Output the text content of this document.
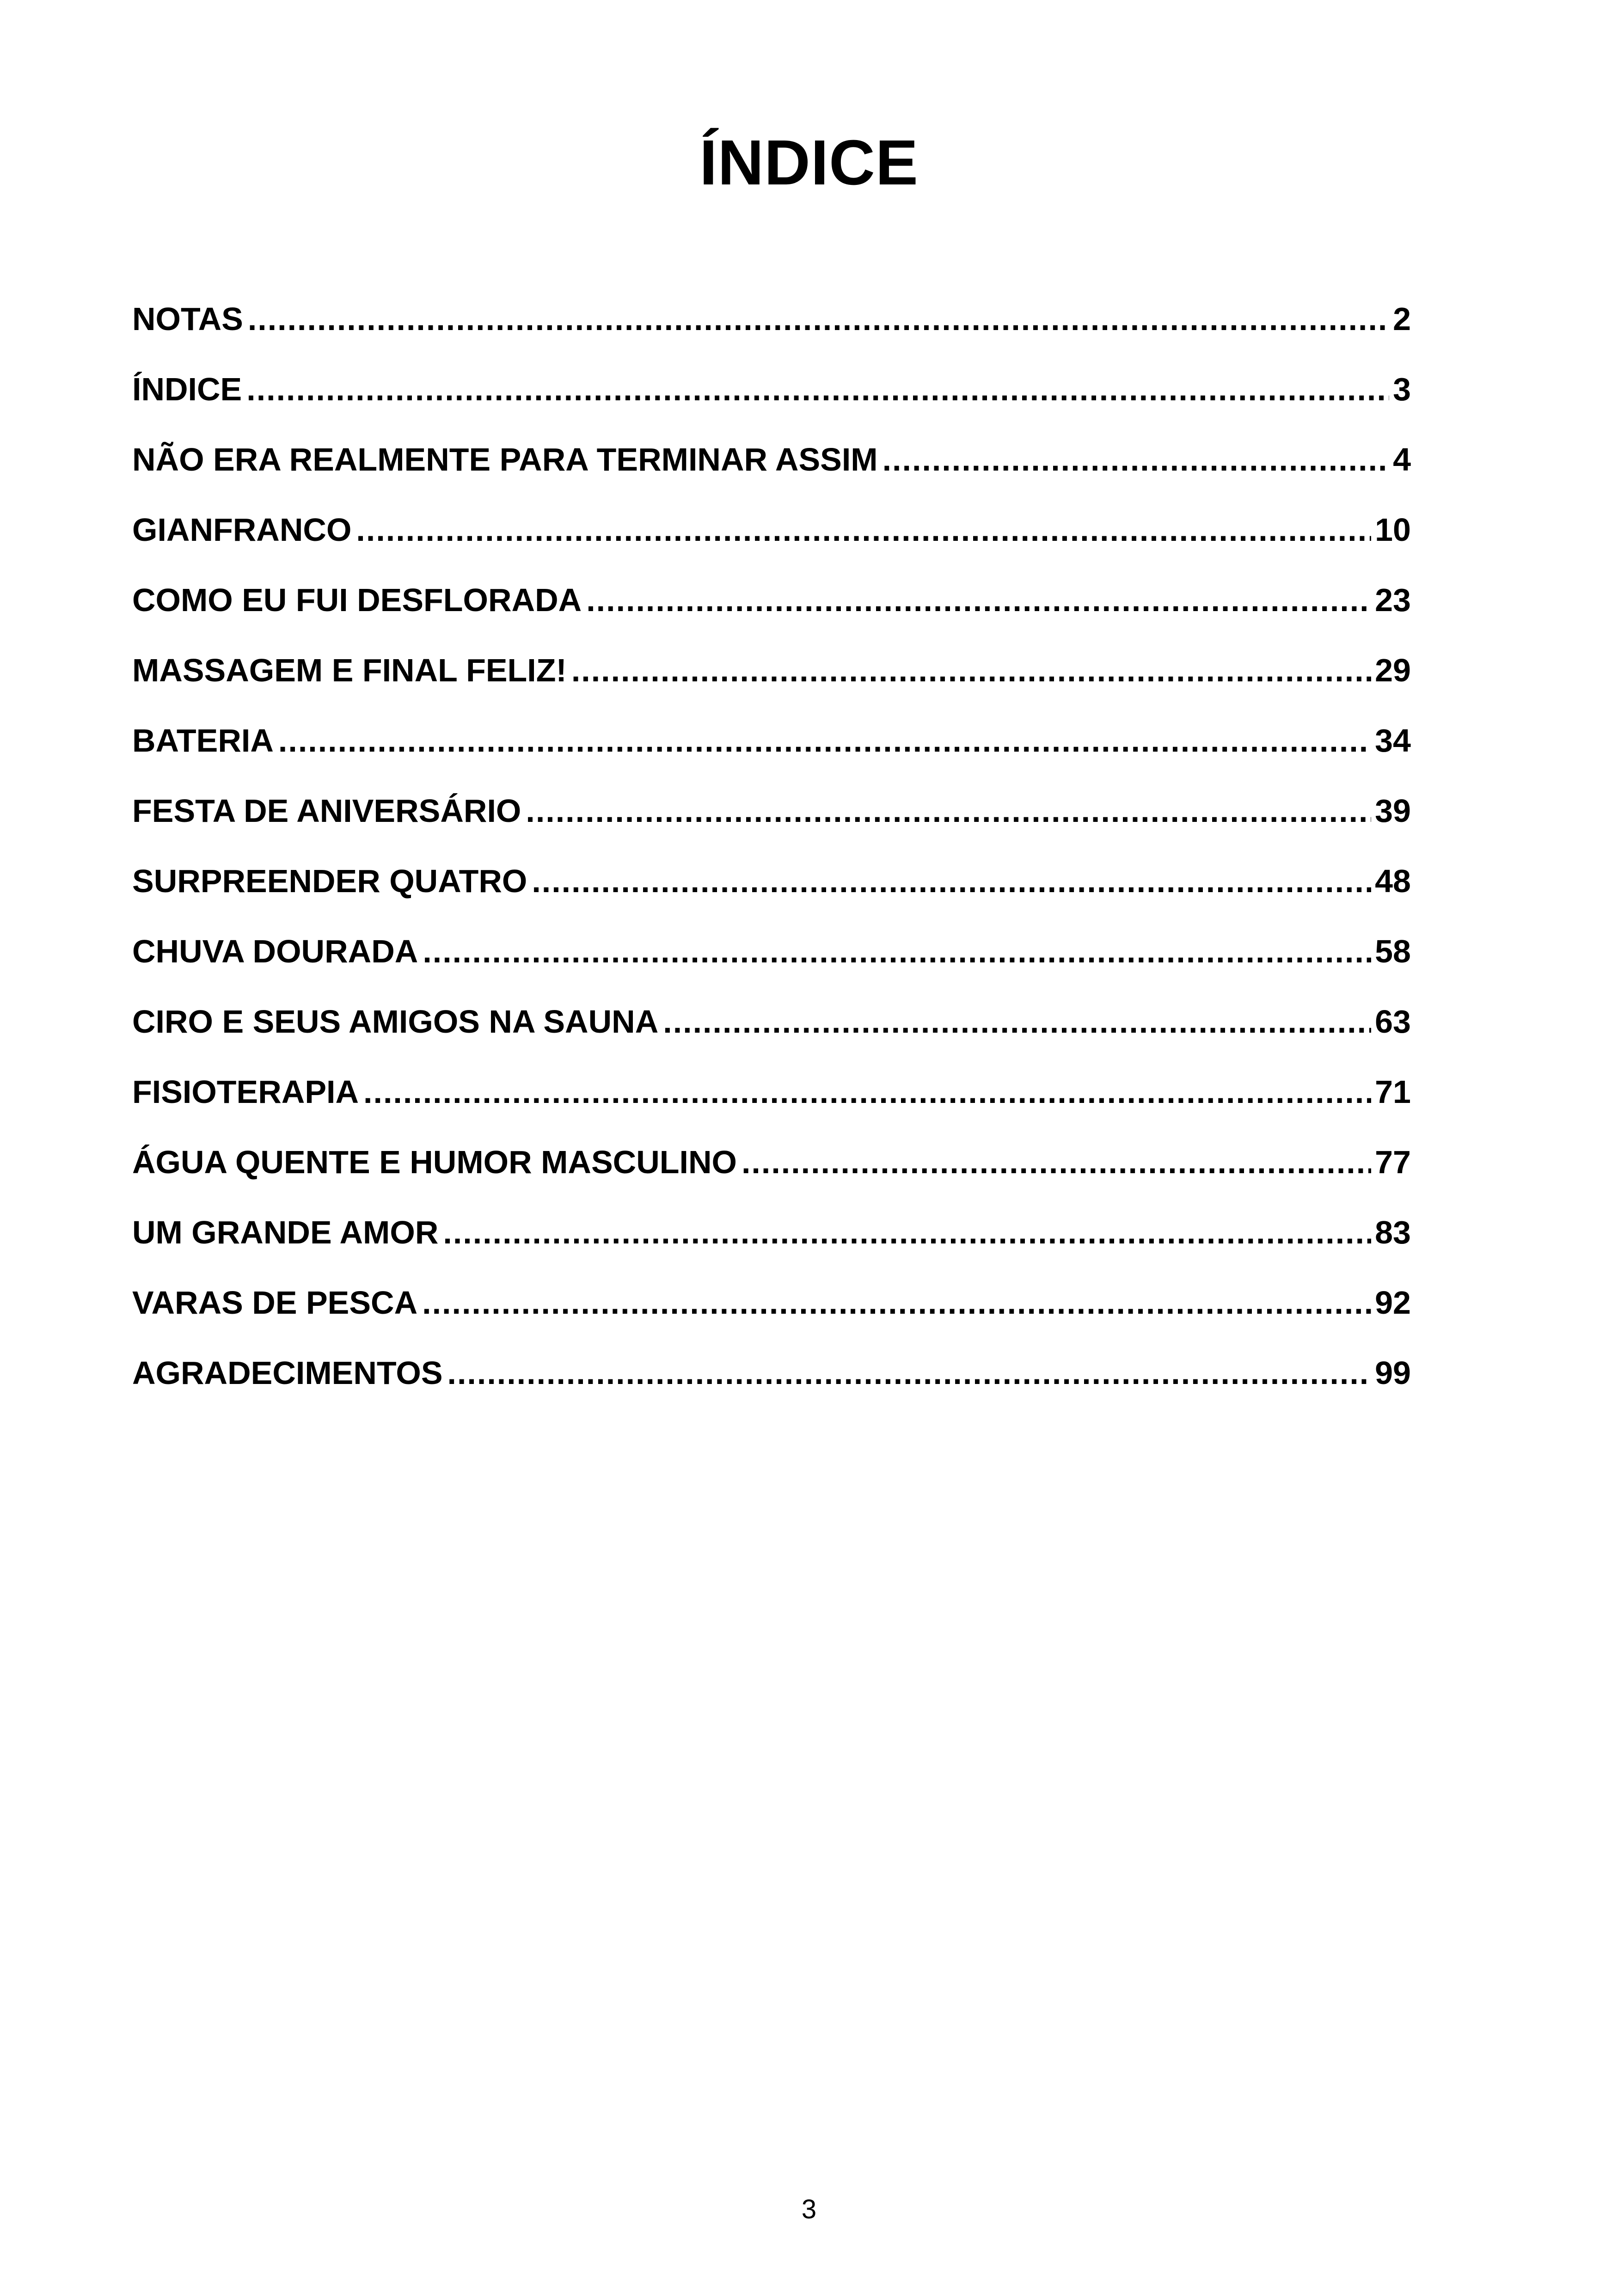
ÍNDICE
NOTAS .....	2
ÍNDICE .....	3
NÃO ERA REALMENTE PARA TERMINAR ASSIM .....	4
GIANFRANCO .....	10
COMO EU FUI DESFLORADA .....	23
MASSAGEM E FINAL FELIZ! .....	29
BATERIA .....	34
FESTA DE ANIVERSÁRIO .....	39
SURPREENDER QUATRO .....	48
CHUVA DOURADA .....	58
CIRO E SEUS AMIGOS NA SAUNA .....	63
FISIOTERAPIA .....	71
ÁGUA QUENTE E HUMOR MASCULINO .....	77
UM GRANDE AMOR .....	83
VARAS DE PESCA .....	92
AGRADECIMENTOS .....	99
3
